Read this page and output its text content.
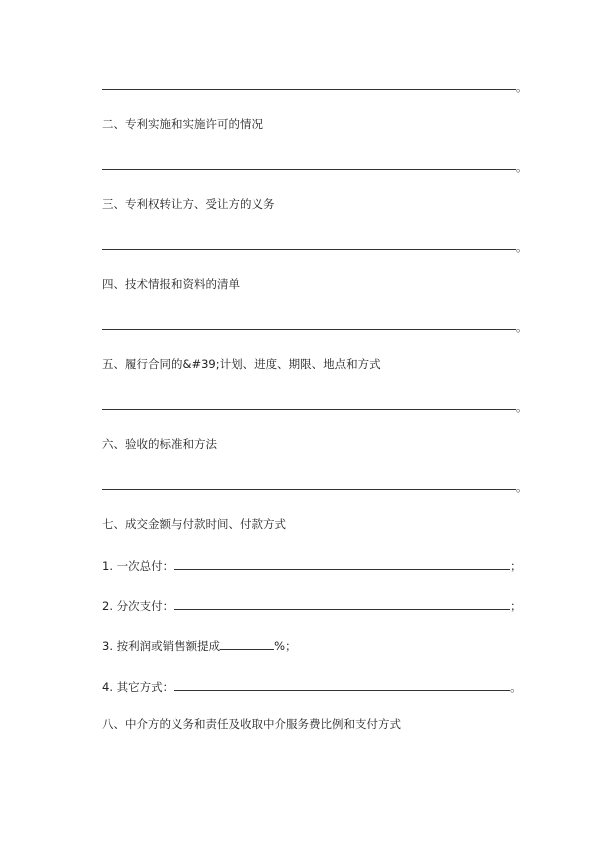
。
二、专利实施和实施许可的情况
。
三、专利权转让方、受让方的义务
。
四、技术情报和资料的清单
。
五、履行合同的&#39;计划、进度、期限、地点和方式
。
六、验收的标准和方法
。
七、成交金额与付款时间、付款方式
1. 一次总付：	；
2. 分次支付：	；
3. 按利润或销售额提成	%；
4. 其它方式：	。
八、中介方的义务和责任及收取中介服务费比例和支付方式
